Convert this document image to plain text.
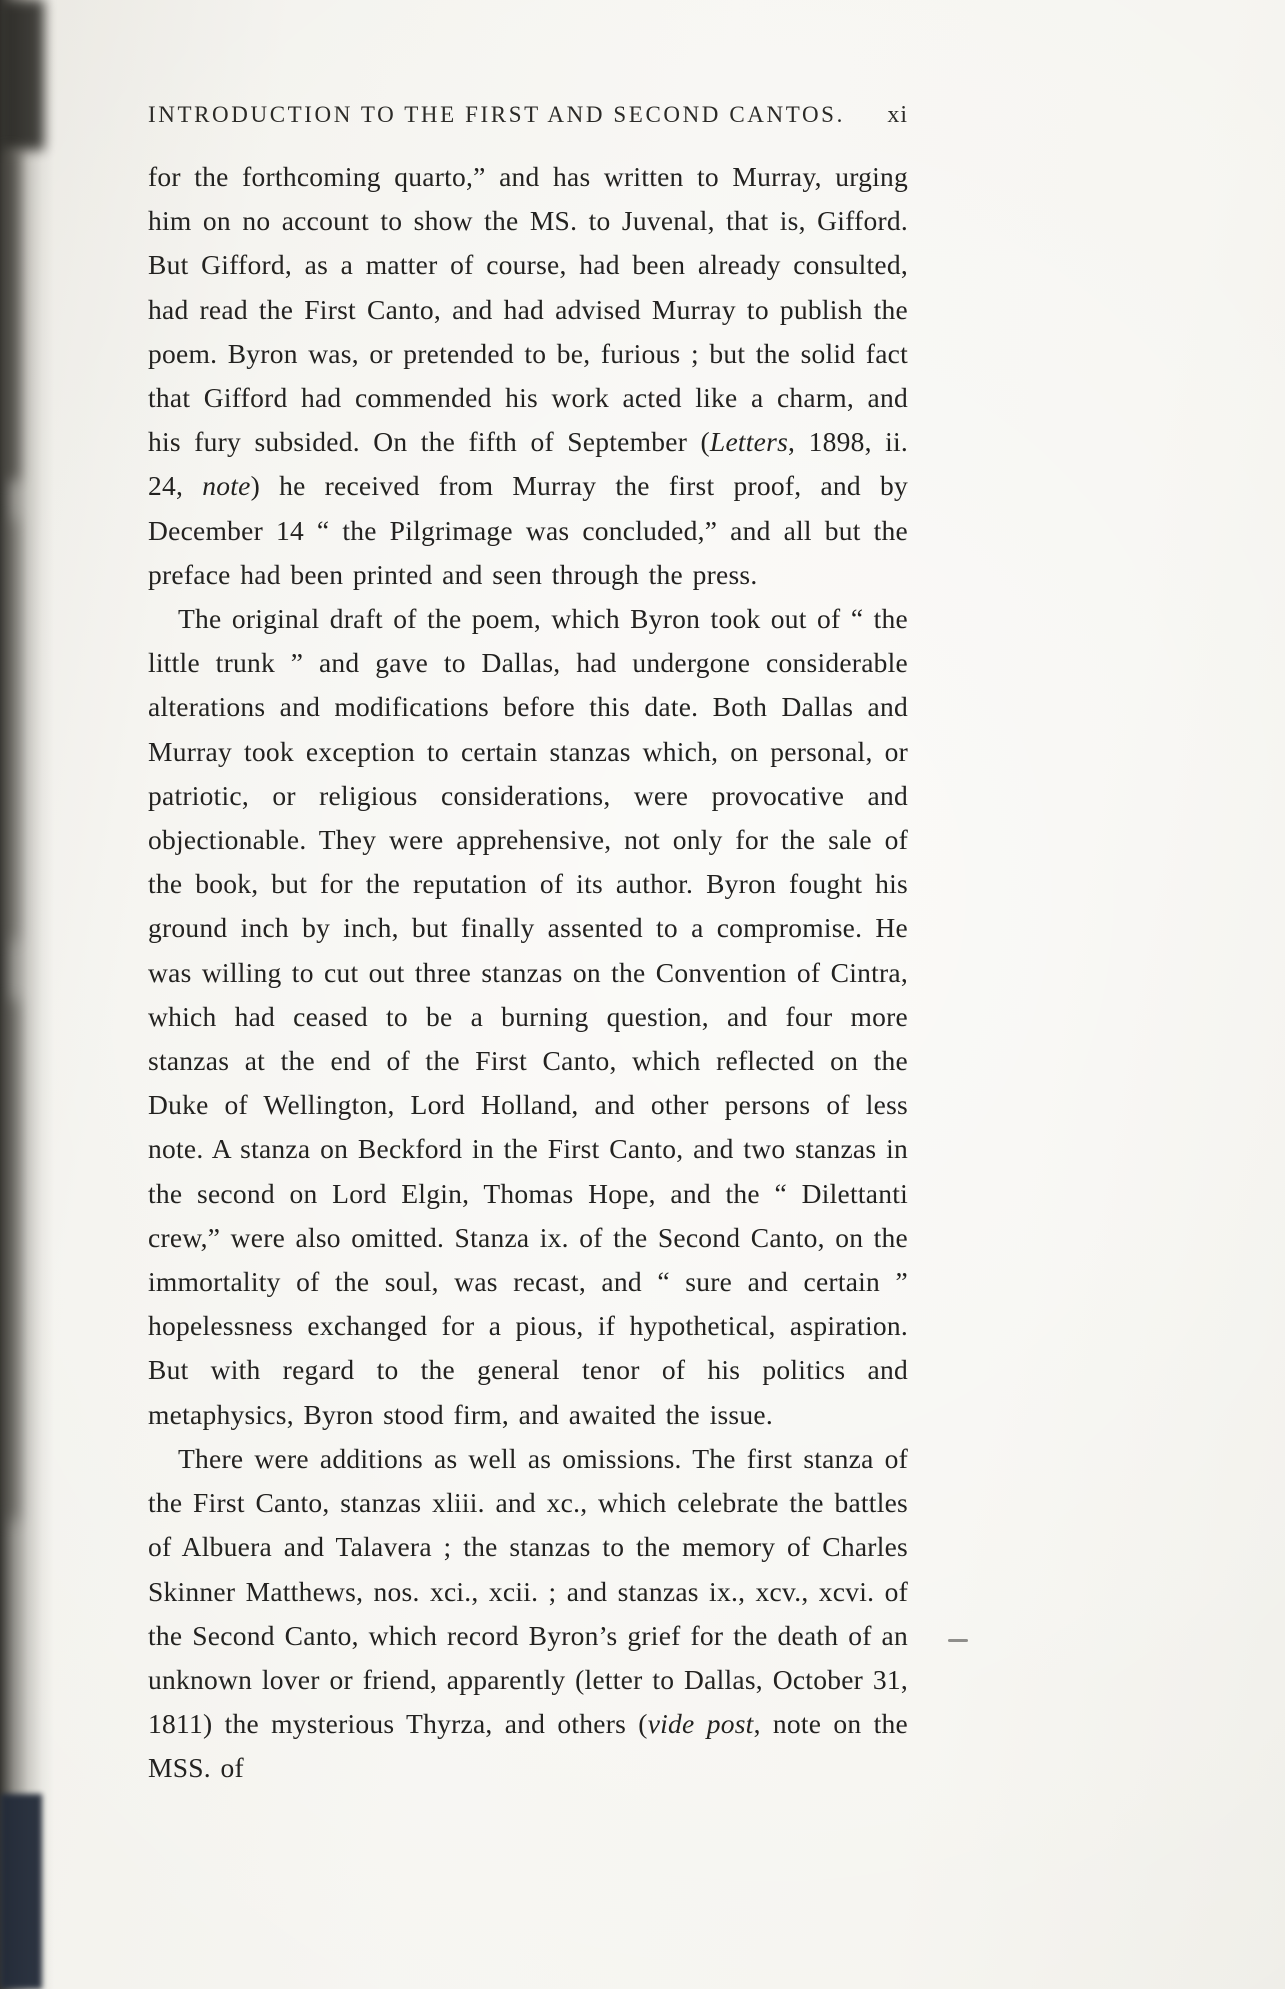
INTRODUCTION TO THE FIRST AND SECOND CANTOS. xi

for the forthcoming quarto,” and has written to Murray, urging him on no account to show the MS. to Juvenal, that is, Gifford. But Gifford, as a matter of course, had been already consulted, had read the First Canto, and had advised Murray to publish the poem. Byron was, or pretended to be, furious ; but the solid fact that Gifford had commended his work acted like a charm, and his fury subsided. On the fifth of September (Letters, 1898, ii. 24, note) he received from Murray the first proof, and by December 14 “ the Pilgrimage was concluded,” and all but the preface had been printed and seen through the press.

The original draft of the poem, which Byron took out of “ the little trunk ” and gave to Dallas, had undergone considerable alterations and modifications before this date. Both Dallas and Murray took exception to certain stanzas which, on personal, or patriotic, or religious considerations, were provocative and objectionable. They were apprehensive, not only for the sale of the book, but for the reputation of its author. Byron fought his ground inch by inch, but finally assented to a compromise. He was willing to cut out three stanzas on the Convention of Cintra, which had ceased to be a burning question, and four more stanzas at the end of the First Canto, which reflected on the Duke of Wellington, Lord Holland, and other persons of less note. A stanza on Beckford in the First Canto, and two stanzas in the second on Lord Elgin, Thomas Hope, and the “ Dilettanti crew,” were also omitted. Stanza ix. of the Second Canto, on the immortality of the soul, was recast, and “ sure and certain ” hopelessness exchanged for a pious, if hypothetical, aspiration. But with regard to the general tenor of his politics and metaphysics, Byron stood firm, and awaited the issue.

There were additions as well as omissions. The first stanza of the First Canto, stanzas xliii. and xc., which celebrate the battles of Albuera and Talavera ; the stanzas to the memory of Charles Skinner Matthews, nos. xci., xcii. ; and stanzas ix., xcv., xcvi. of the Second Canto, which record Byron’s grief for the death of an unknown lover or friend, apparently (letter to Dallas, October 31, 1811) the mysterious Thyrza, and others (vide post, note on the MSS. of
